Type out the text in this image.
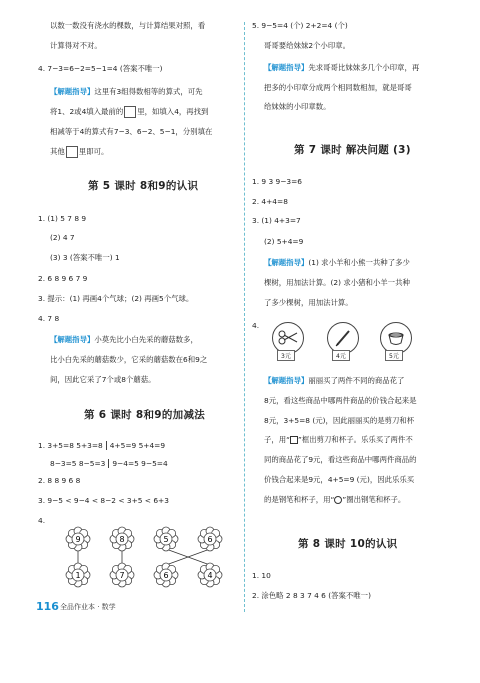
以数一数没有浇水的棵数，与计算结果对照，看
计算得对不对。
4. 7−3=6−2=5−1=4 (答案不唯一)
【解题指导】这里有3组得数相等的算式，可先
将1、2或4填入最前的 里，如填入4，再找到
相减等于4的算式有7−3、6−2、5−1，分别填在
其他 里即可。
第 5 课时 8和9的认识
1. (1) 5 7 8 9
(2) 4 7
(3) 3 (答案不唯一) 1
2. 6 8 9 6 7 9
3. 提示：(1) 再画4个气球；(2) 再画5个气球。
4. 7 8
【解题指导】小莫先比小白先采的蘑菇数多，
比小白先采的蘑菇数少，它采的蘑菇数在6和9之
间，因此它采了7个或8个蘑菇。
第 6 课时 8和9的加减法
1. 3+5=8 5+3=8 4+5=9 5+4=9
8−3=5 8−5=3 9−4=5 9−5=4
2. 8 8 9 6 8
3. 9−5 < 9−4 < 8−2 < 3+5 < 6+3
4.
9	8	5	6
1	7	6	4
5. 9−5=4 (个) 2+2=4 (个)
哥哥要给妹妹2个小印章。
【解题指导】先求哥哥比妹妹多几个小印章，再
把多的小印章分成两个相同数相加，就是哥哥
给妹妹的小印章数。
第 7 课时 解决问题 (3)
1. 9 3 9−3=6
2. 4+4=8
3. (1) 4+3=7
(2) 5+4=9
【解题指导】(1) 求小羊和小熊一共种了多少
棵树，用加法计算。(2) 求小猪和小羊一共种
了多少棵树，用加法计算。
4.
3元	4元	5元
【解题指导】丽丽买了两件不同的商品花了
8元，看这些商品中哪两件商品的价钱合起来是
8元，3+5=8 (元)，因此丽丽买的是剪刀和杯
子，用“ ”框出剪刀和杯子。乐乐买了两件不
同的商品花了9元，看这些商品中哪两件商品的
价钱合起来是9元，4+5=9 (元)，因此乐乐买
的是钢笔和杯子，用“ ”圈出钢笔和杯子。
第 8 课时 10的认识
1. 10
2. 涂色略 2 8 3 7 4 6 (答案不唯一)
116 全品作业本 · 数学
